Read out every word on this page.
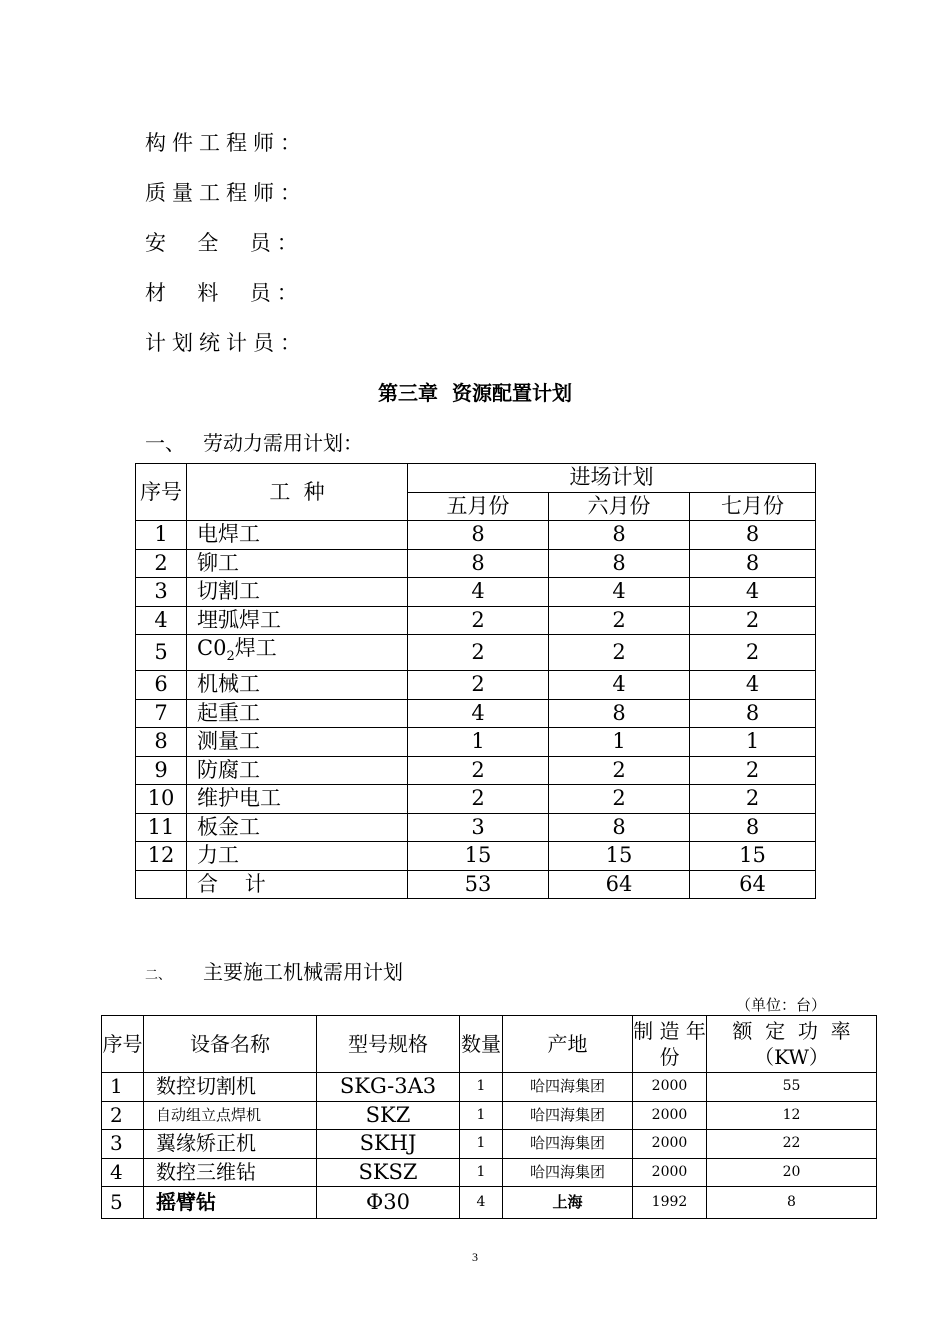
构件工程师：
质量工程师：
安  全  员：
材  料  员：
计划统计员：
第三章  资源配置计划
一、 劳动力需用计划：
序号	工  种	进场计划		
		五月份	六月份	七月份
1	电焊工	8	8	8
2	铆工	8	8	8
3	切割工	4	4	4
4	埋弧焊工	2	2	2
5	$C0_2$焊工	2	2	2
6	机械工	2	4	4
7	起重工	4	8	8
8	测量工	1	1	1
9	防腐工	2	2	2
10	维护电工	2	2	2
11	板金工	3	8	8
12	力工	15	15	15
	合    计	53	64	64
二、 主要施工机械需用计划
（单位：台）
序号	设备名称	型号规格	数量	产地	制 造 年份	额  定  功  率
（KW）

1	数控切割机	SKG-3A3	1	哈四海集团	2000	55
2	自动组立点焊机	SKZ	1	哈四海集团	2000	12
3	翼缘矫正机	SKHJ	1	哈四海集团	2000	22
4	数控三维钻	SKSZ	1	哈四海集团	2000	20
5	摇臂钻	Φ30	4	上海	1992	8
3
